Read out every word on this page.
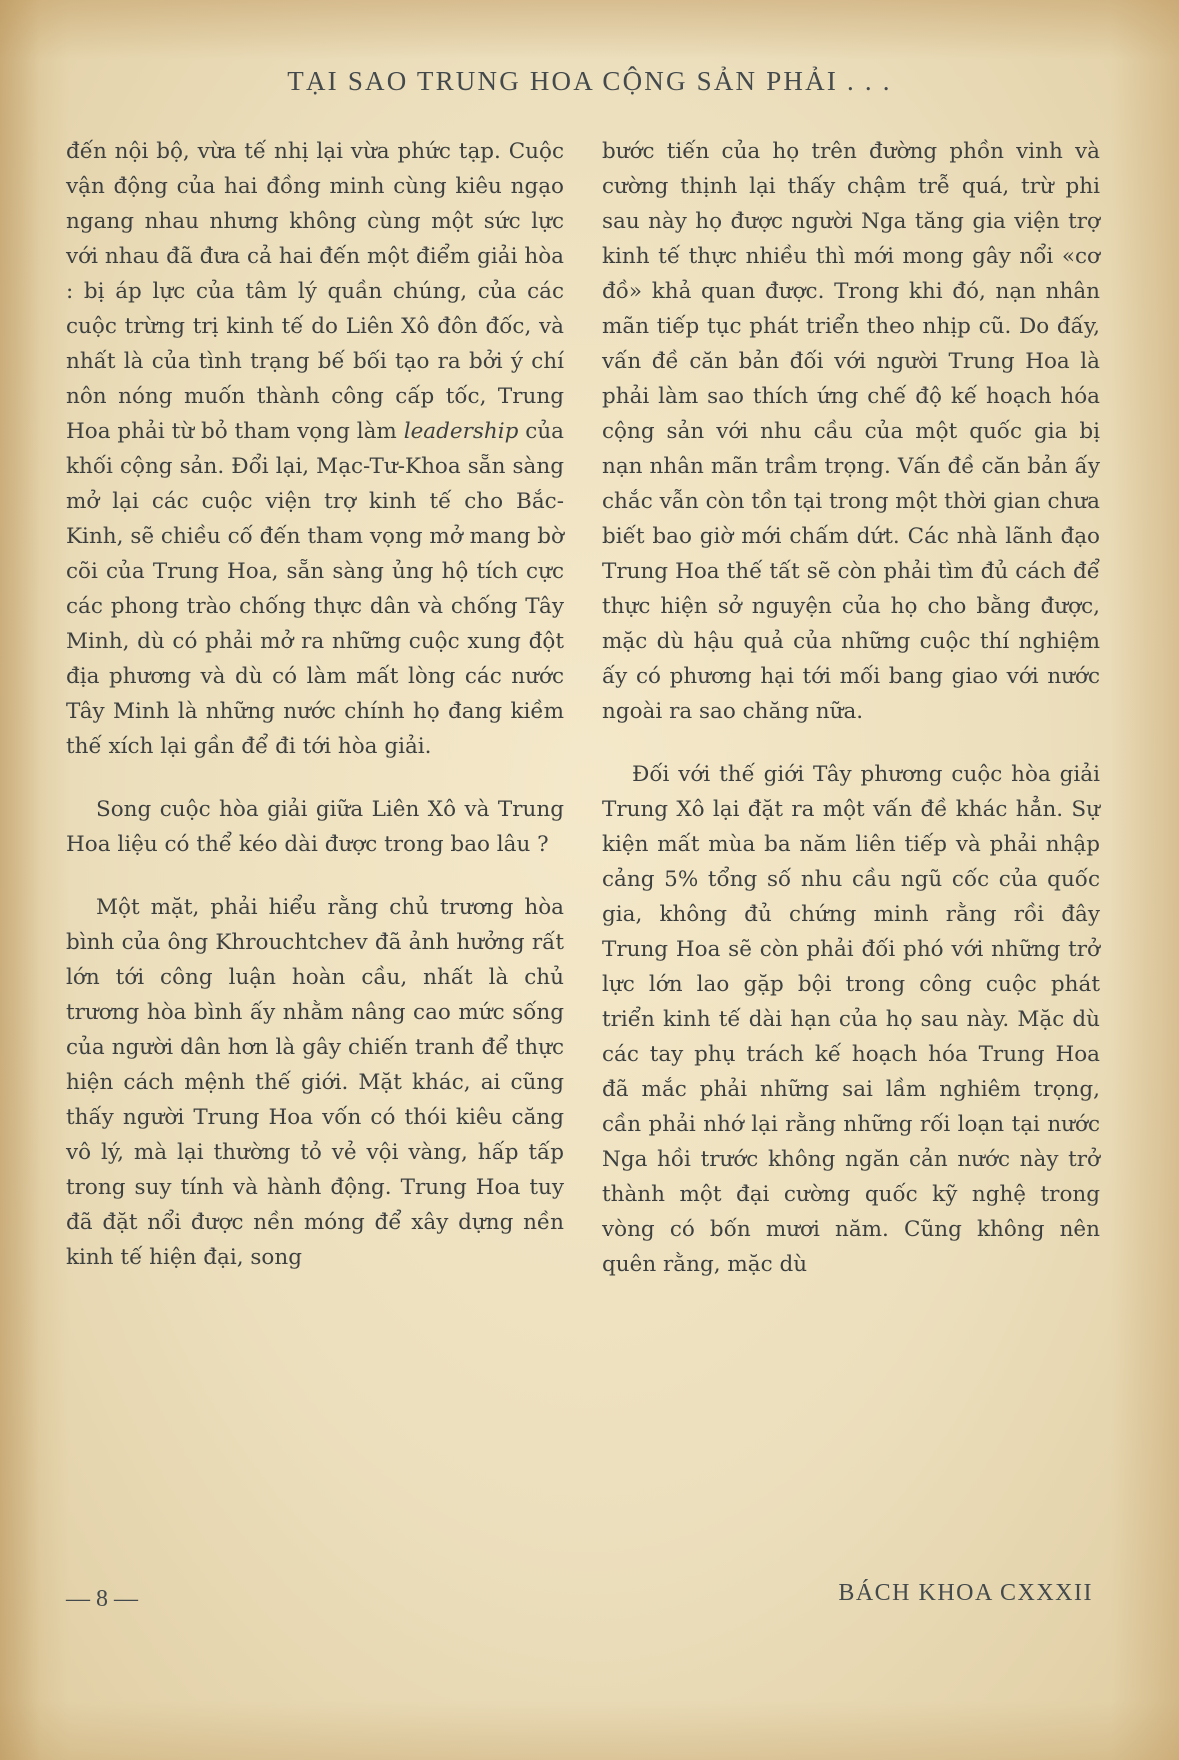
TẠI SAO TRUNG HOA CỘNG SẢN PHẢI . . .

đến nội bộ, vừa tế nhị lại vừa phức tạp. Cuộc vận động của hai đồng minh cùng kiêu ngạo ngang nhau nhưng không cùng một sức lực với nhau đã đưa cả hai đến một điểm giải hòa : bị áp lực của tâm lý quần chúng, của các cuộc trừng trị kinh tế do Liên Xô đôn đốc, và nhất là của tình trạng bế bối tạo ra bởi ý chí nôn nóng muốn thành công cấp tốc, Trung Hoa phải từ bỏ tham vọng làm leadership của khối cộng sản. Đổi lại, Mạc-Tư-Khoa sẵn sàng mở lại các cuộc viện trợ kinh tế cho Bắc-Kinh, sẽ chiều cố đến tham vọng mở mang bờ cõi của Trung Hoa, sẵn sàng ủng hộ tích cực các phong trào chống thực dân và chống Tây Minh, dù có phải mở ra những cuộc xung đột địa phương và dù có làm mất lòng các nước Tây Minh là những nước chính họ đang kiềm thế xích lại gần để đi tới hòa giải.

Song cuộc hòa giải giữa Liên Xô và Trung Hoa liệu có thể kéo dài được trong bao lâu ?

Một mặt, phải hiểu rằng chủ trương hòa bình của ông Khrouchtchev đã ảnh hưởng rất lớn tới công luận hoàn cầu, nhất là chủ trương hòa bình ấy nhằm nâng cao mức sống của người dân hơn là gây chiến tranh để thực hiện cách mệnh thế giới. Mặt khác, ai cũng thấy người Trung Hoa vốn có thói kiêu căng vô lý, mà lại thường tỏ vẻ vội vàng, hấp tấp trong suy tính và hành động. Trung Hoa tuy đã đặt nổi được nền móng để xây dựng nền kinh tế hiện đại, song

bước tiến của họ trên đường phồn vinh và cường thịnh lại thấy chậm trễ quá, trừ phi sau này họ được người Nga tăng gia viện trợ kinh tế thực nhiều thì mới mong gây nổi «cơ đồ» khả quan được. Trong khi đó, nạn nhân mãn tiếp tục phát triển theo nhịp cũ. Do đấy, vấn đề căn bản đối với người Trung Hoa là phải làm sao thích ứng chế độ kế hoạch hóa cộng sản với nhu cầu của một quốc gia bị nạn nhân mãn trầm trọng. Vấn đề căn bản ấy chắc vẫn còn tồn tại trong một thời gian chưa biết bao giờ mới chấm dứt. Các nhà lãnh đạo Trung Hoa thế tất sẽ còn phải tìm đủ cách để thực hiện sở nguyện của họ cho bằng được, mặc dù hậu quả của những cuộc thí nghiệm ấy có phương hại tới mối bang giao với nước ngoài ra sao chăng nữa.

Đối với thế giới Tây phương cuộc hòa giải Trung Xô lại đặt ra một vấn đề khác hẳn. Sự kiện mất mùa ba năm liên tiếp và phải nhập cảng 5% tổng số nhu cầu ngũ cốc của quốc gia, không đủ chứng minh rằng rồi đây Trung Hoa sẽ còn phải đối phó với những trở lực lớn lao gặp bội trong công cuộc phát triển kinh tế dài hạn của họ sau này. Mặc dù các tay phụ trách kế hoạch hóa Trung Hoa đã mắc phải những sai lầm nghiêm trọng, cần phải nhớ lại rằng những rối loạn tại nước Nga hồi trước không ngăn cản nước này trở thành một đại cường quốc kỹ nghệ trong vòng có bốn mươi năm. Cũng không nên quên rằng, mặc dù

— 8 —	BÁCH KHOA CXXXII
